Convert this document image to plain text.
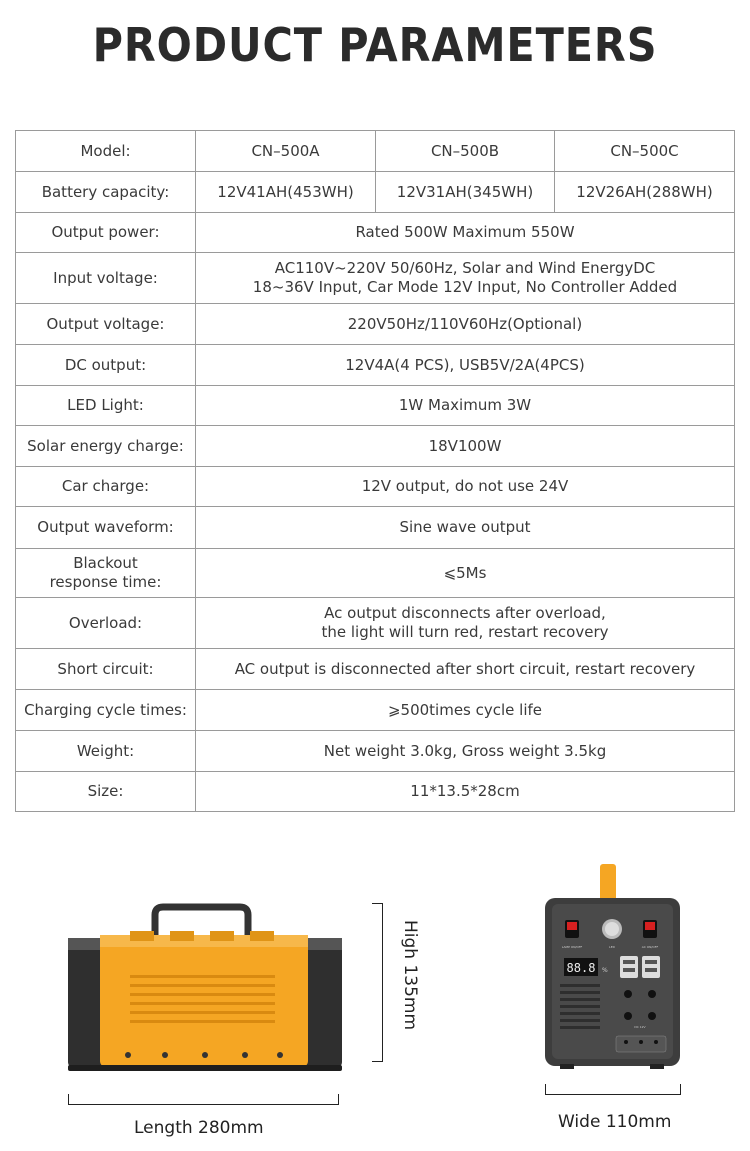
PRODUCT PARAMETERS
Model:	CN–500A	CN–500B	CN–500C
Battery capacity:	12V41AH(453WH)	12V31AH(345WH)	12V26AH(288WH)
Output power:	Rated 500W Maximum 550W		
Input voltage:	AC110V~220V 50/60Hz, Solar and Wind EnergyDC
18~36V Input, Car Mode 12V Input, No Controller Added		
Output voltage:	220V50Hz/110V60Hz(Optional)		
DC output:	12V4A(4 PCS), USB5V/2A(4PCS)		
LED Light:	1W Maximum 3W		
Solar energy charge:	18V100W		
Car charge:	12V output, do not use 24V		
Output waveform:	Sine wave output		
Blackout
response time:	⩽5Ms		
Overload:	Ac output disconnects after overload,
the light will turn red, restart recovery		
Short circuit:	AC output is disconnected after short circuit, restart recovery		
Charging cycle times:	⩾500times cycle life		
Weight:	Net weight 3.0kg, Gross weight 3.5kg		
Size:	11*13.5*28cm		
High 135mm
Length 280mm
LAMP ON/OFF	LED	AC ON/OFF
88.8 %
DC 12V
Wide 110mm
